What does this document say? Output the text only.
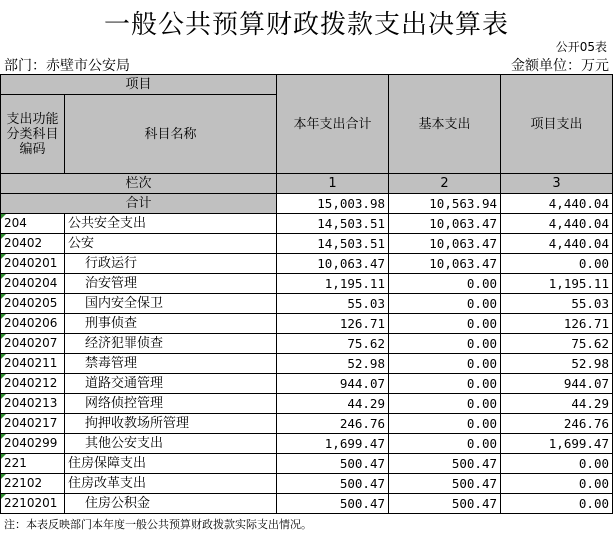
一般公共预算财政拨款支出决算表
公开05表
部门：赤壁市公安局	金额单位：万元
项目		本年支出合计	基本支出	项目支出
支出功能分类科目编码	科目名称			

栏次		1	2	3
合计		15,003.98	10,563.94	4,440.04
204	公共安全支出	14,503.51	10,063.47	4,440.04
20402	公安	14,503.51	10,063.47	4,440.04
2040201	行政运行	10,063.47	10,063.47	0.00
2040204	治安管理	1,195.11	0.00	1,195.11
2040205	国内安全保卫	55.03	0.00	55.03
2040206	刑事侦查	126.71	0.00	126.71
2040207	经济犯罪侦查	75.62	0.00	75.62
2040211	禁毒管理	52.98	0.00	52.98
2040212	道路交通管理	944.07	0.00	944.07
2040213	网络侦控管理	44.29	0.00	44.29
2040217	拘押收教场所管理	246.76	0.00	246.76
2040299	其他公安支出	1,699.47	0.00	1,699.47
221	住房保障支出	500.47	500.47	0.00
22102	住房改革支出	500.47	500.47	0.00
2210201	住房公积金	500.47	500.47	0.00
注：本表反映部门本年度一般公共预算财政拨款实际支出情况。
